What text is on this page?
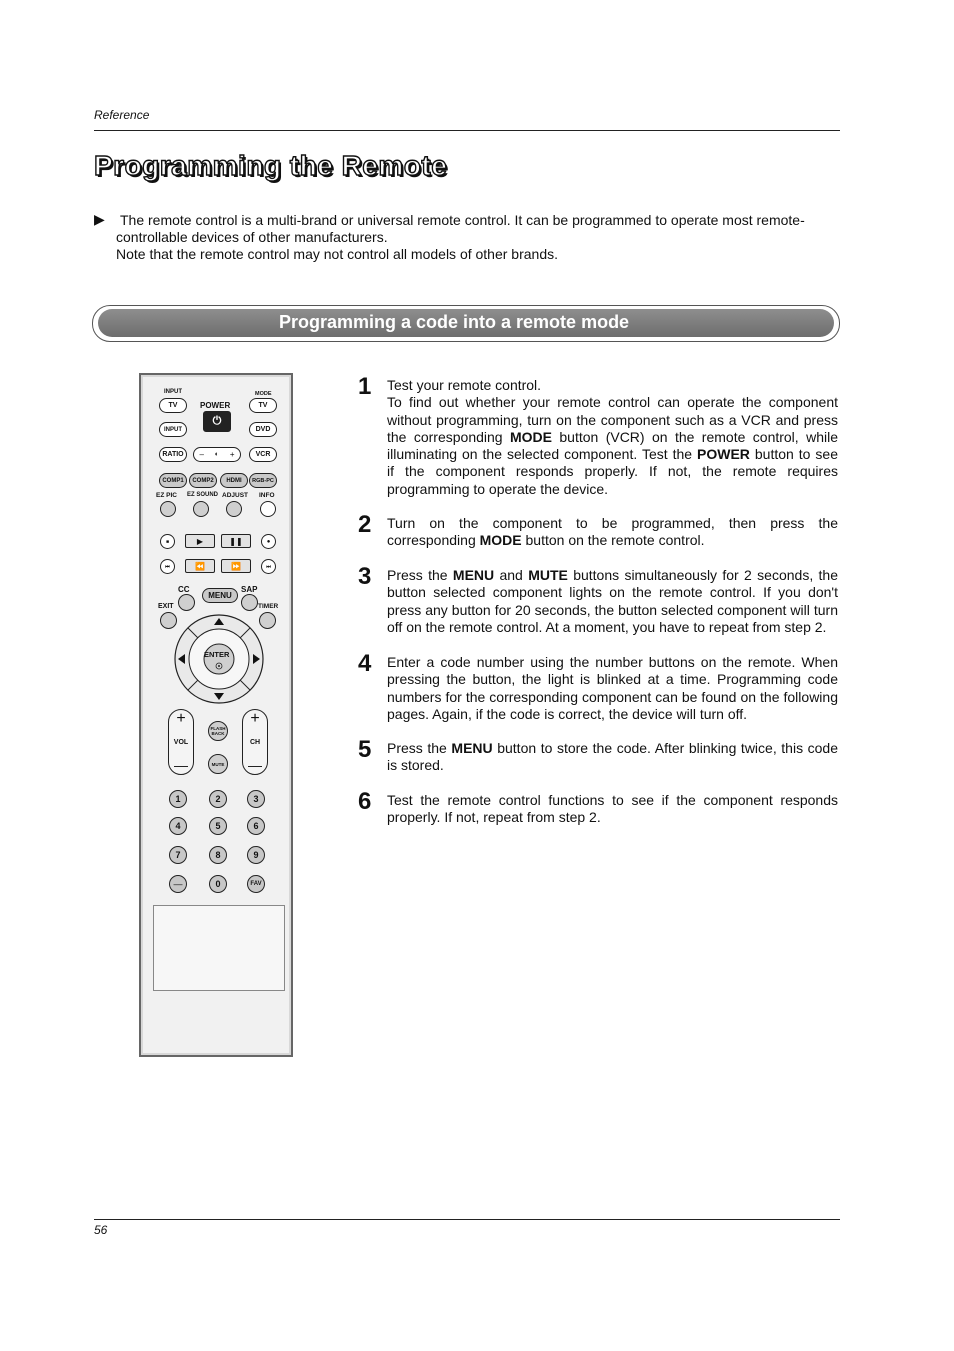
Reference
Programming the Remote
▶ The remote control is a multi-brand or universal remote control. It can be programmed to operate most remote-controllable devices of other manufacturers.
Note that the remote control may not control all models of other brands.
Programming a code into a remote mode
INPUT	MODE
POWER
TV
⏻
TV
INPUT	DVD
RATIO	– ◐ +	VCR
COMP1	COMP2	HDMI	RGB-PC
EZ PIC EZ SOUND ADJUST INFO
■	▶	❚❚	●
⏮	⏪	⏩	⏭
CC	SAP
MENU
EXIT	TIMER
ENTER
+
VOL
—
+
CH
—
FLASH BACK
MUTE
1	2	3
4	5	6
7	8	9
—	0	FAV
1 Test your remote control.
To find out whether your remote control can operate the component without programming, turn on the component such as a VCR and press the corresponding MODE button (VCR) on the remote control, while illuminating on the selected component. Test the POWER button to see if the component responds properly. If not, the remote requires programming to operate the device.
2 Turn on the component to be programmed, then press the corresponding MODE button on the remote control.
3 Press the MENU and MUTE buttons simultaneously for 2 seconds, the button selected component lights on the remote control. If you don't press any button for 20 seconds, the button selected component will turn off on the remote control. At a moment, you have to repeat from step 2.
4 Enter a code number using the number buttons on the remote. When pressing the button, the light is blinked at a time. Programming code numbers for the corresponding component can be found on the following pages. Again, if the code is correct, the device will turn off.
5 Press the MENU button to store the code. After blinking twice, this code is stored.
6 Test the remote control functions to see if the component responds properly. If not, repeat from step 2.
56
